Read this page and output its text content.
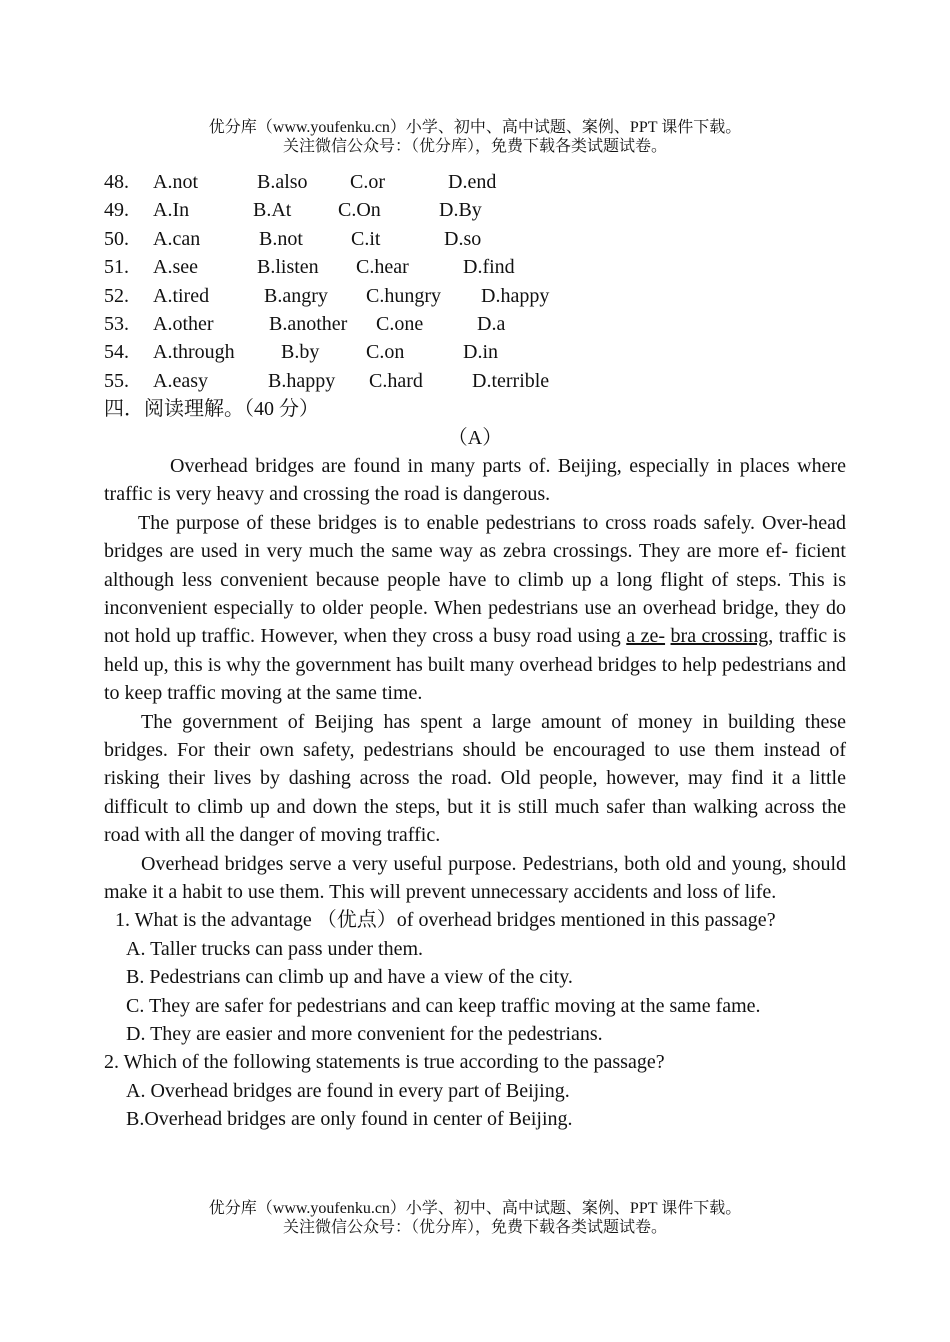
优分库（www.youfenku.cn）小学、初中、高中试题、案例、PPT 课件下载。
关注微信公众号：（优分库），免费下载各类试题试卷。
48.	A.not	B.also	C.or	D.end
49.	A.In	B.At	C.On	D.By
50.	A.can	B.not	C.it	D.so
51.	A.see	B.listen	C.hear	D.find
52.	A.tired	B.angry	C.hungry	D.happy
53.	A.other	B.another	C.one	D.a
54.	A.through	B.by	C.on	D.in
55.	A.easy	B.happy	C.hard	D.terrible
四．阅读理解。（40 分）
（A）

Overhead bridges are found in many parts of. Beijing, especially in places where traffic is very heavy and crossing the road is dangerous.

The purpose of these bridges is to enable pedestrians to cross roads safely. Over-head bridges are used in very much the same way as zebra crossings. They are more ef- ficient although less convenient because people have to climb up a long flight of steps. This is inconvenient especially to older people. When pedestrians use an overhead bridge, they do not hold up traffic. However, when they cross a busy road using a ze- bra crossing, traffic is held up, this is why the government has built many overhead bridges to help pedestrians and to keep traffic moving at the same time.

The government of Beijing has spent a large amount of money in building these bridges. For their own safety, pedestrians should be encouraged to use them instead of risking their lives by dashing across the road. Old people, however, may find it a little difficult to climb up and down the steps, but it is still much safer than walking across the road with all the danger of moving traffic.

Overhead bridges serve a very useful purpose. Pedestrians, both old and young, should make it a habit to use them. This will prevent unnecessary accidents and loss of life.

1. What is the advantage （优点）of overhead bridges mentioned in this passage?
A. Taller trucks can pass under them.
B. Pedestrians can climb up and have a view of the city.
C. They are safer for pedestrians and can keep traffic moving at the same fame.
D. They are easier and more convenient for the pedestrians.
2. Which of the following statements is true according to the passage?
A. Overhead bridges are found in every part of Beijing.
B.Overhead bridges are only found in center of Beijing.
优分库（www.youfenku.cn）小学、初中、高中试题、案例、PPT 课件下载。
关注微信公众号：（优分库），免费下载各类试题试卷。
